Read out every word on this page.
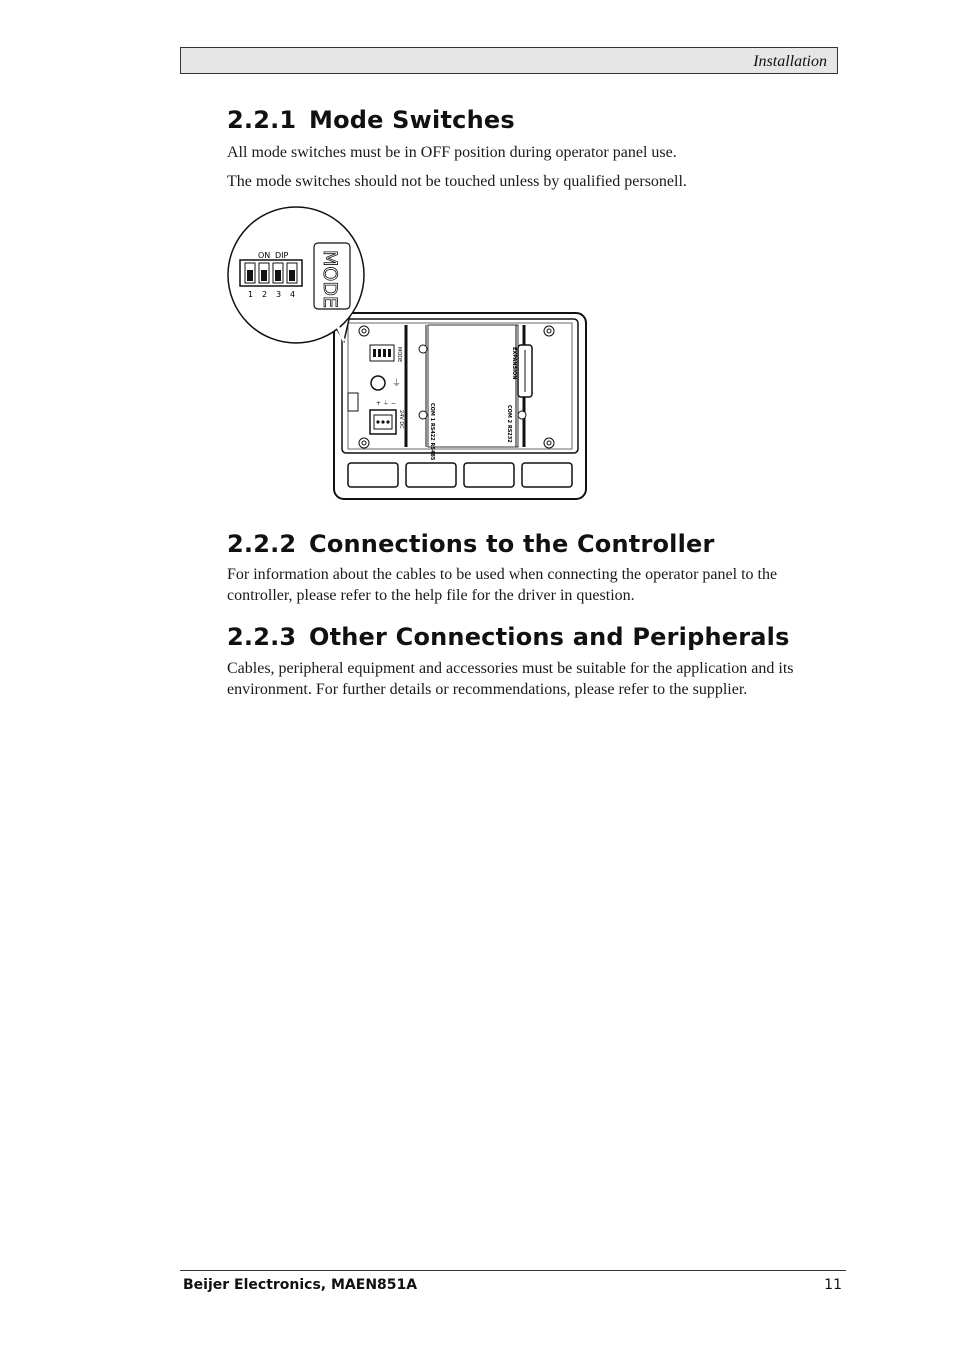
Installation
2.2.1 Mode Switches

All mode switches must be in OFF position during operator panel use.

The mode switches should not be touched unless by qualified personell.

MODE
⏚
+ ⏚ −
24V DC	COM 1 RS422 RS485
EXPANSION
COM 2 RS232
ON DIP
1 2 3 4 MODE
2.2.2 Connections to the Controller

For information about the cables to be used when connecting the operator panel to the controller, please refer to the help file for the driver in question.

2.2.3 Other Connections and Peripherals

Cables, peripheral equipment and accessories must be suitable for the application and its environment. For further details or recommendations, please refer to the supplier.

Beijer Electronics, MAEN851A	11
